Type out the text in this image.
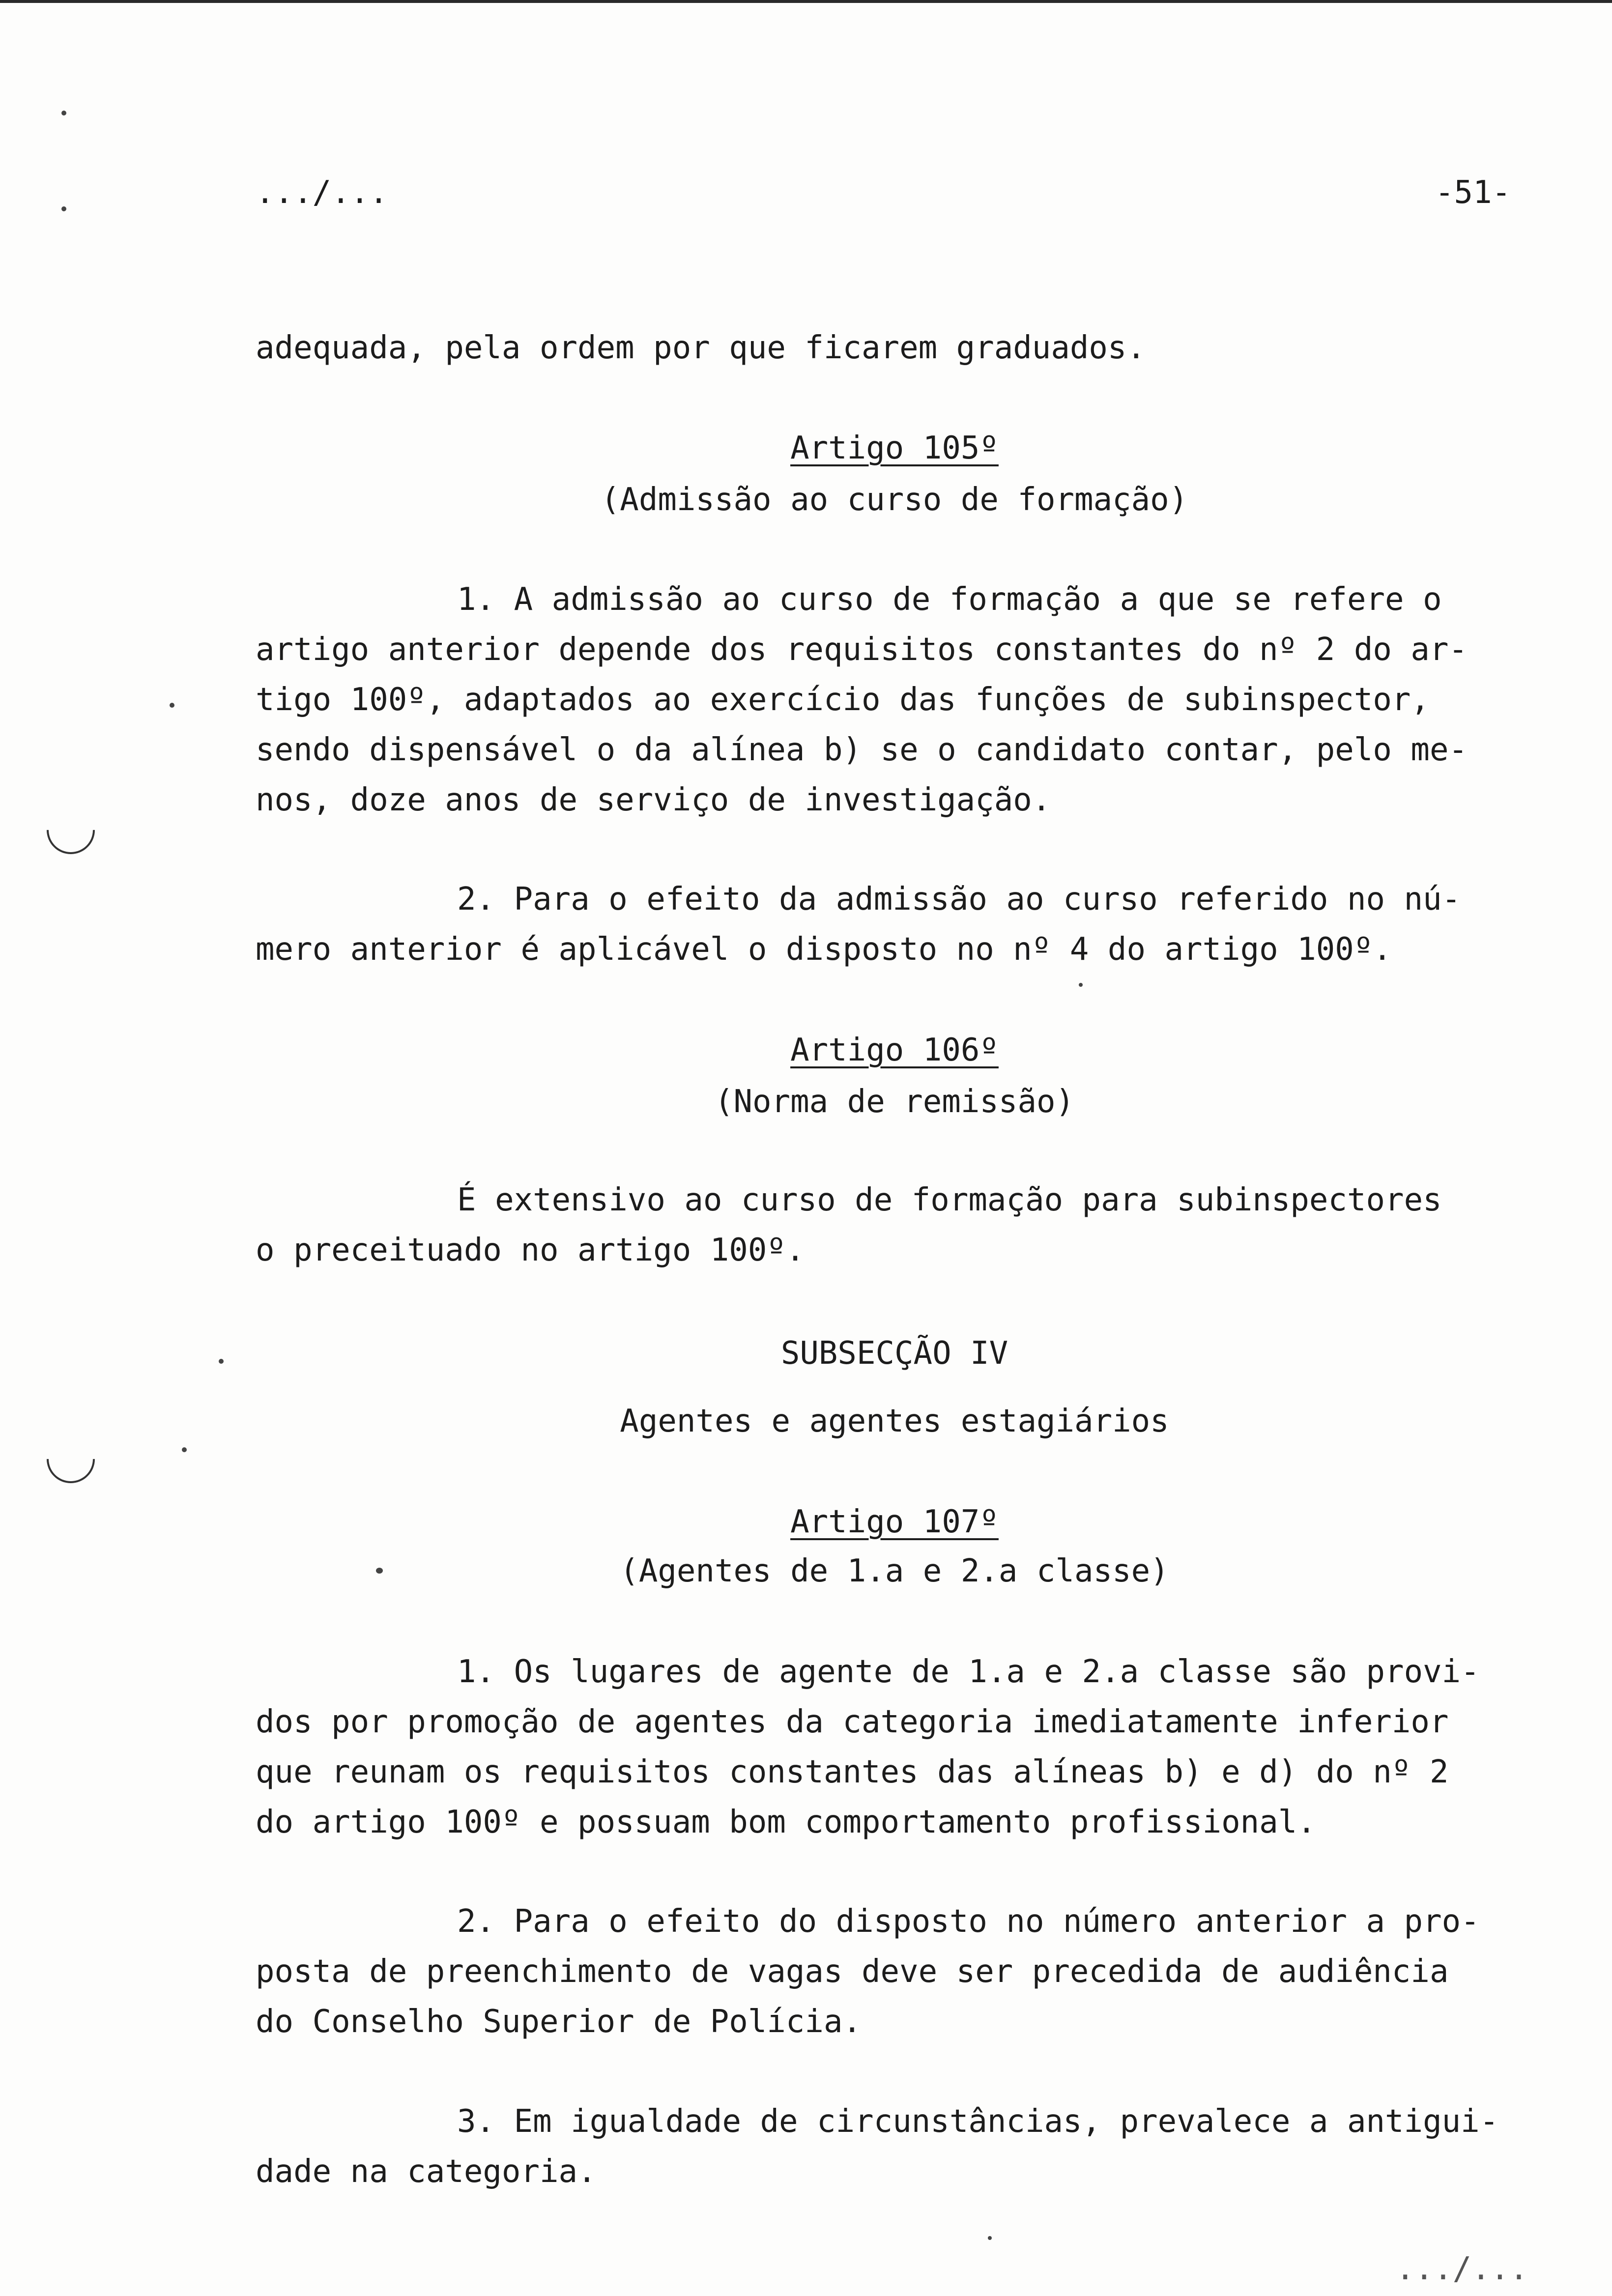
.../...	-51-
adequada, pela ordem por que ficarem graduados.
Artigo 105º
(Admissão ao curso de formação)
1. A admissão ao curso de formação a que se refere o
artigo anterior depende dos requisitos constantes do nº 2 do ar-
tigo 100º, adaptados ao exercício das funções de subinspector,
sendo dispensável o da alínea b) se o candidato contar, pelo me-
nos, doze anos de serviço de investigação.
2. Para o efeito da admissão ao curso referido no nú-
mero anterior é aplicável o disposto no nº 4 do artigo 100º.
Artigo 106º
(Norma de remissão)
É extensivo ao curso de formação para subinspectores
o preceituado no artigo 100º.
SUBSECÇÃO IV
Agentes e agentes estagiários
Artigo 107º
(Agentes de 1.a e 2.a classe)
1. Os lugares de agente de 1.a e 2.a classe são provi-
dos por promoção de agentes da categoria imediatamente inferior
que reunam os requisitos constantes das alíneas b) e d) do nº 2
do artigo 100º e possuam bom comportamento profissional.
2. Para o efeito do disposto no número anterior a pro-
posta de preenchimento de vagas deve ser precedida de audiência
do Conselho Superior de Polícia.
3. Em igualdade de circunstâncias, prevalece a antigui-
dade na categoria.
.../...
